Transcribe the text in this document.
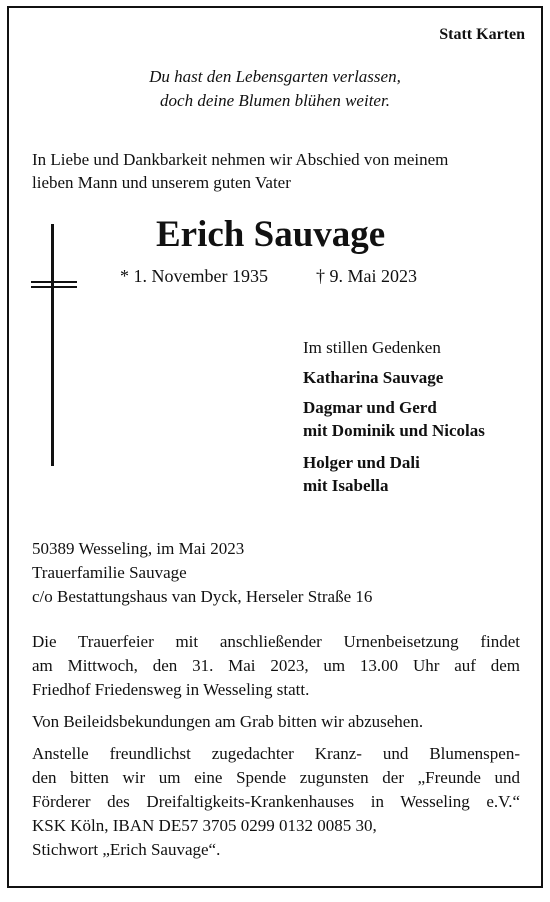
Statt Karten
Du hast den Lebensgarten verlassen,
doch deine Blumen blühen weiter.
In Liebe und Dankbarkeit nehmen wir Abschied von meinem
lieben Mann und unserem guten Vater
Erich Sauvage
* 1. November 1935	† 9. Mai 2023
Im stillen Gedenken
Katharina Sauvage
Dagmar und Gerd
mit Dominik und Nicolas
Holger und Dali
mit Isabella
50389 Wesseling, im Mai 2023
Trauerfamilie Sauvage
c/o Bestattungshaus van Dyck, Herseler Straße 16
Die Trauerfeier mit anschließender Urnenbeisetzung findet
am Mittwoch, den 31. Mai 2023, um 13.00 Uhr auf dem
Friedhof Friedensweg in Wesseling statt.
Von Beileidsbekundungen am Grab bitten wir abzusehen.
Anstelle freundlichst zugedachter Kranz- und Blumenspen-
den bitten wir um eine Spende zugunsten der „Freunde und
Förderer des Dreifaltigkeits-Krankenhauses in Wesseling e.V.“
KSK Köln, IBAN DE57 3705 0299 0132 0085 30,
Stichwort „Erich Sauvage“.
